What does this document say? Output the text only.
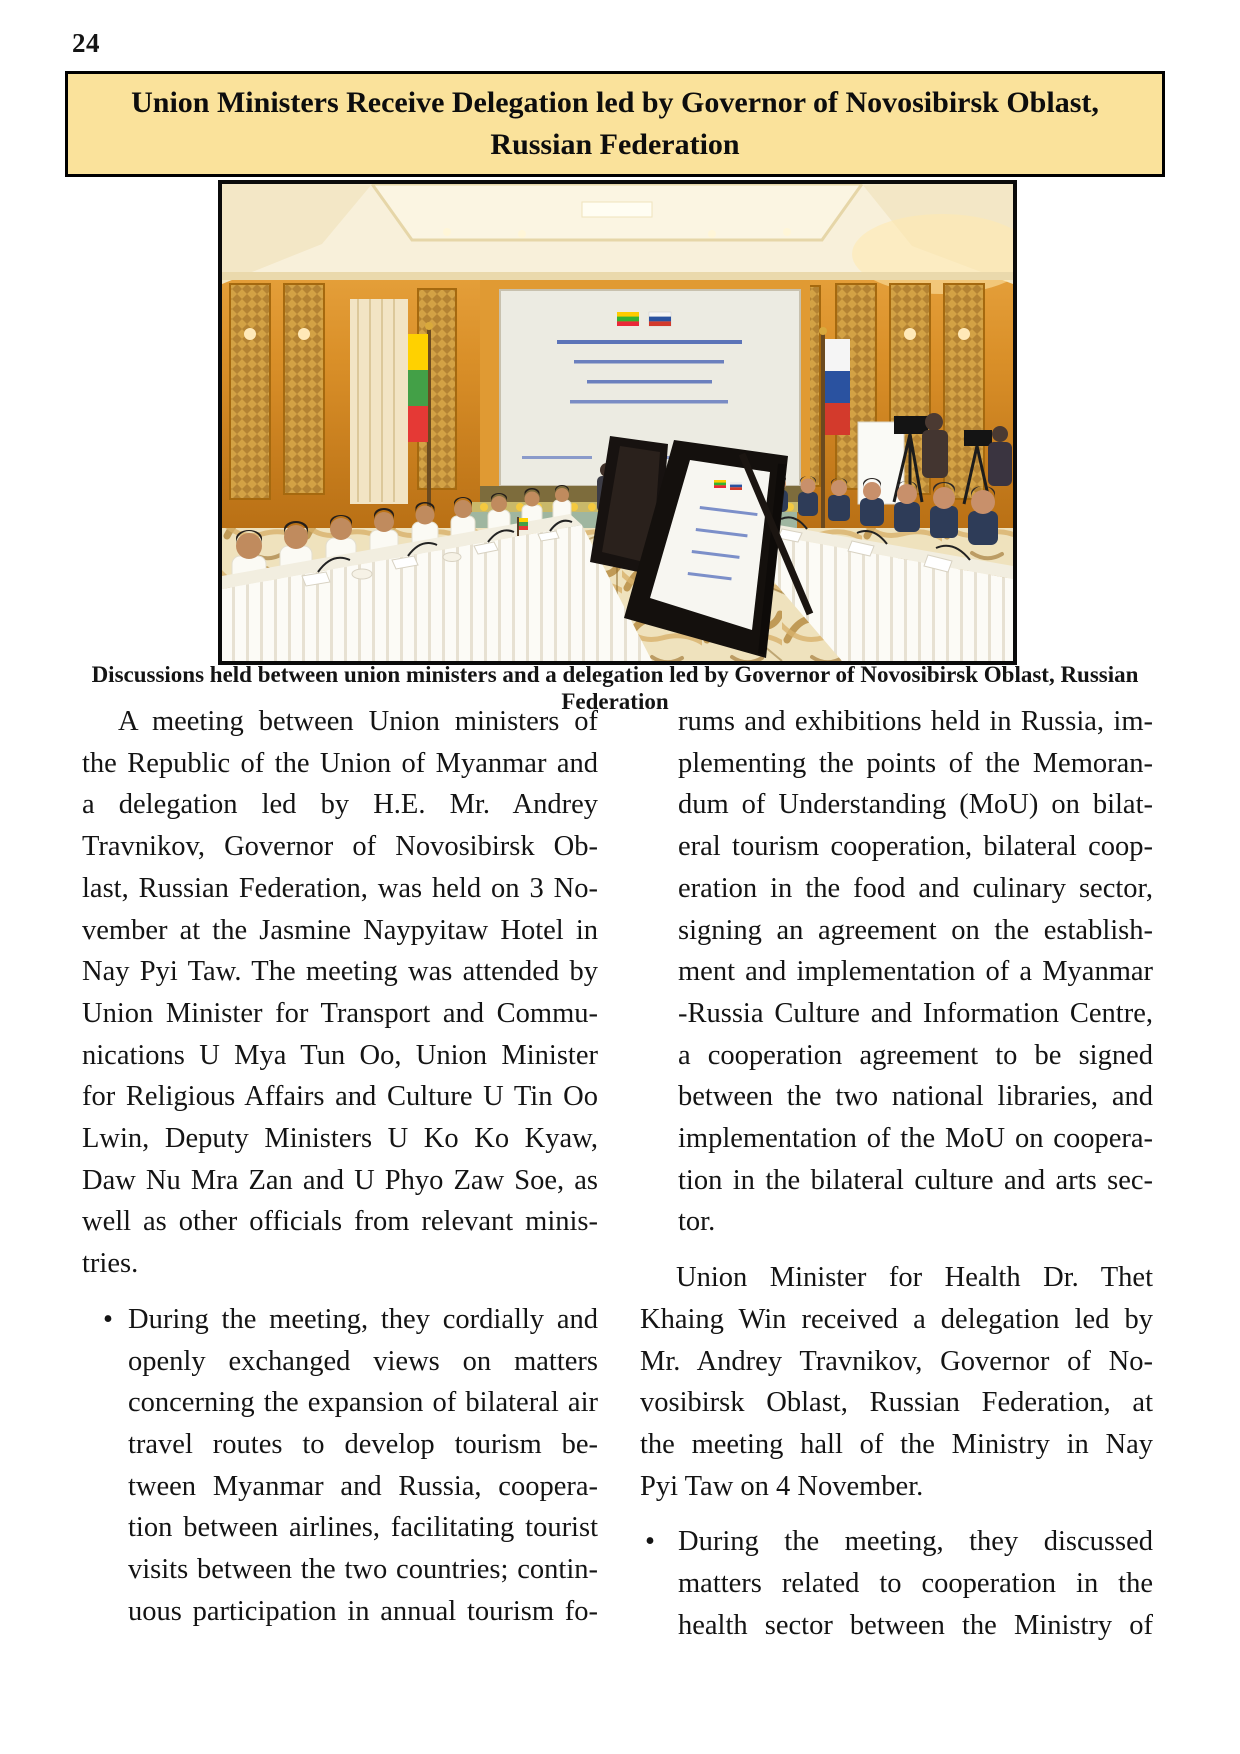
24
Union Ministers Receive Delegation led by Governor of Novosibirsk Oblast,
Russian Federation
Discussions held between union ministers and a delegation led by Governor of Novosibirsk Oblast, Russian Federation
A meeting between Union ministers of
the Republic of the Union of Myanmar and
a delegation led by H.E. Mr. Andrey
Travnikov, Governor of Novosibirsk Ob-
last, Russian Federation, was held on 3 No-
vember at the Jasmine Naypyitaw Hotel in
Nay Pyi Taw. The meeting was attended by
Union Minister for Transport and Commu-
nications U Mya Tun Oo, Union Minister
for Religious Affairs and Culture U Tin Oo
Lwin, Deputy Ministers U Ko Ko Kyaw,
Daw Nu Mra Zan and U Phyo Zaw Soe, as
well as other officials from relevant minis-
tries.
• During the meeting, they cordially and
openly exchanged views on matters
concerning the expansion of bilateral air
travel routes to develop tourism be-
tween Myanmar and Russia, coopera-
tion between airlines, facilitating tourist
visits between the two countries; contin-
uous participation in annual tourism fo-
rums and exhibitions held in Russia, im-
plementing the points of the Memoran-
dum of Understanding (MoU) on bilat-
eral tourism cooperation, bilateral coop-
eration in the food and culinary sector,
signing an agreement on the establish-
ment and implementation of a Myanmar
-Russia Culture and Information Centre,
a cooperation agreement to be signed
between the two national libraries, and
implementation of the MoU on coopera-
tion in the bilateral culture and arts sec-
tor.
Union Minister for Health Dr. Thet
Khaing Win received a delegation led by
Mr. Andrey Travnikov, Governor of No-
vosibirsk Oblast, Russian Federation, at
the meeting hall of the Ministry in Nay
Pyi Taw on 4 November.
• During the meeting, they discussed
matters related to cooperation in the
health sector between the Ministry of
